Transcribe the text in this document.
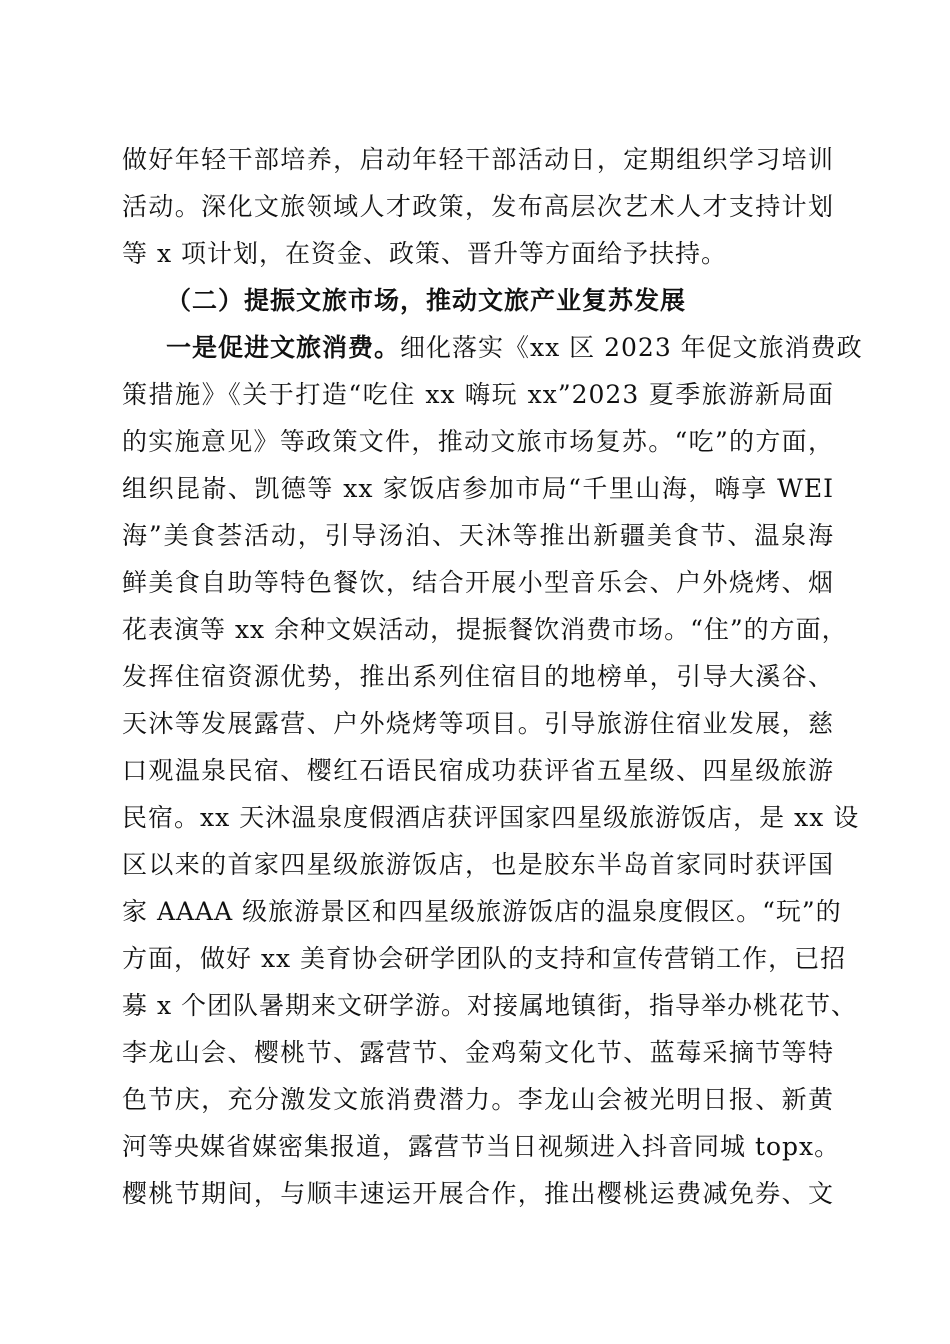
做好年轻干部培养，启动年轻干部活动日，定期组织学习培训
活动。深化文旅领域人才政策，发布高层次艺术人才支持计划
等 x 项计划，在资金、政策、晋升等方面给予扶持。
（二）提振文旅市场，推动文旅产业复苏发展
一是促进文旅消费。细化落实《xx 区 2023 年促文旅消费政
策措施》《关于打造“吃住 xx 嗨玩 xx”2023 夏季旅游新局面
的实施意见》等政策文件，推动文旅市场复苏。“吃”的方面，
组织昆嵛、凯德等 xx 家饭店参加市局“千里山海，嗨享 WEI
海”美食荟活动，引导汤泊、天沐等推出新疆美食节、温泉海
鲜美食自助等特色餐饮，结合开展小型音乐会、户外烧烤、烟
花表演等 xx 余种文娱活动，提振餐饮消费市场。“住”的方面，
发挥住宿资源优势，推出系列住宿目的地榜单，引导大溪谷、
天沐等发展露营、户外烧烤等项目。引导旅游住宿业发展，慈
口观温泉民宿、樱红石语民宿成功获评省五星级、四星级旅游
民宿。xx 天沐温泉度假酒店获评国家四星级旅游饭店，是 xx 设
区以来的首家四星级旅游饭店，也是胶东半岛首家同时获评国
家 AAAA 级旅游景区和四星级旅游饭店的温泉度假区。“玩”的
方面，做好 xx 美育协会研学团队的支持和宣传营销工作，已招
募 x 个团队暑期来文研学游。对接属地镇街，指导举办桃花节、
李龙山会、樱桃节、露营节、金鸡菊文化节、蓝莓采摘节等特
色节庆，充分激发文旅消费潜力。李龙山会被光明日报、新黄
河等央媒省媒密集报道，露营节当日视频进入抖音同城 topx。
樱桃节期间，与顺丰速运开展合作，推出樱桃运费减免券、文
